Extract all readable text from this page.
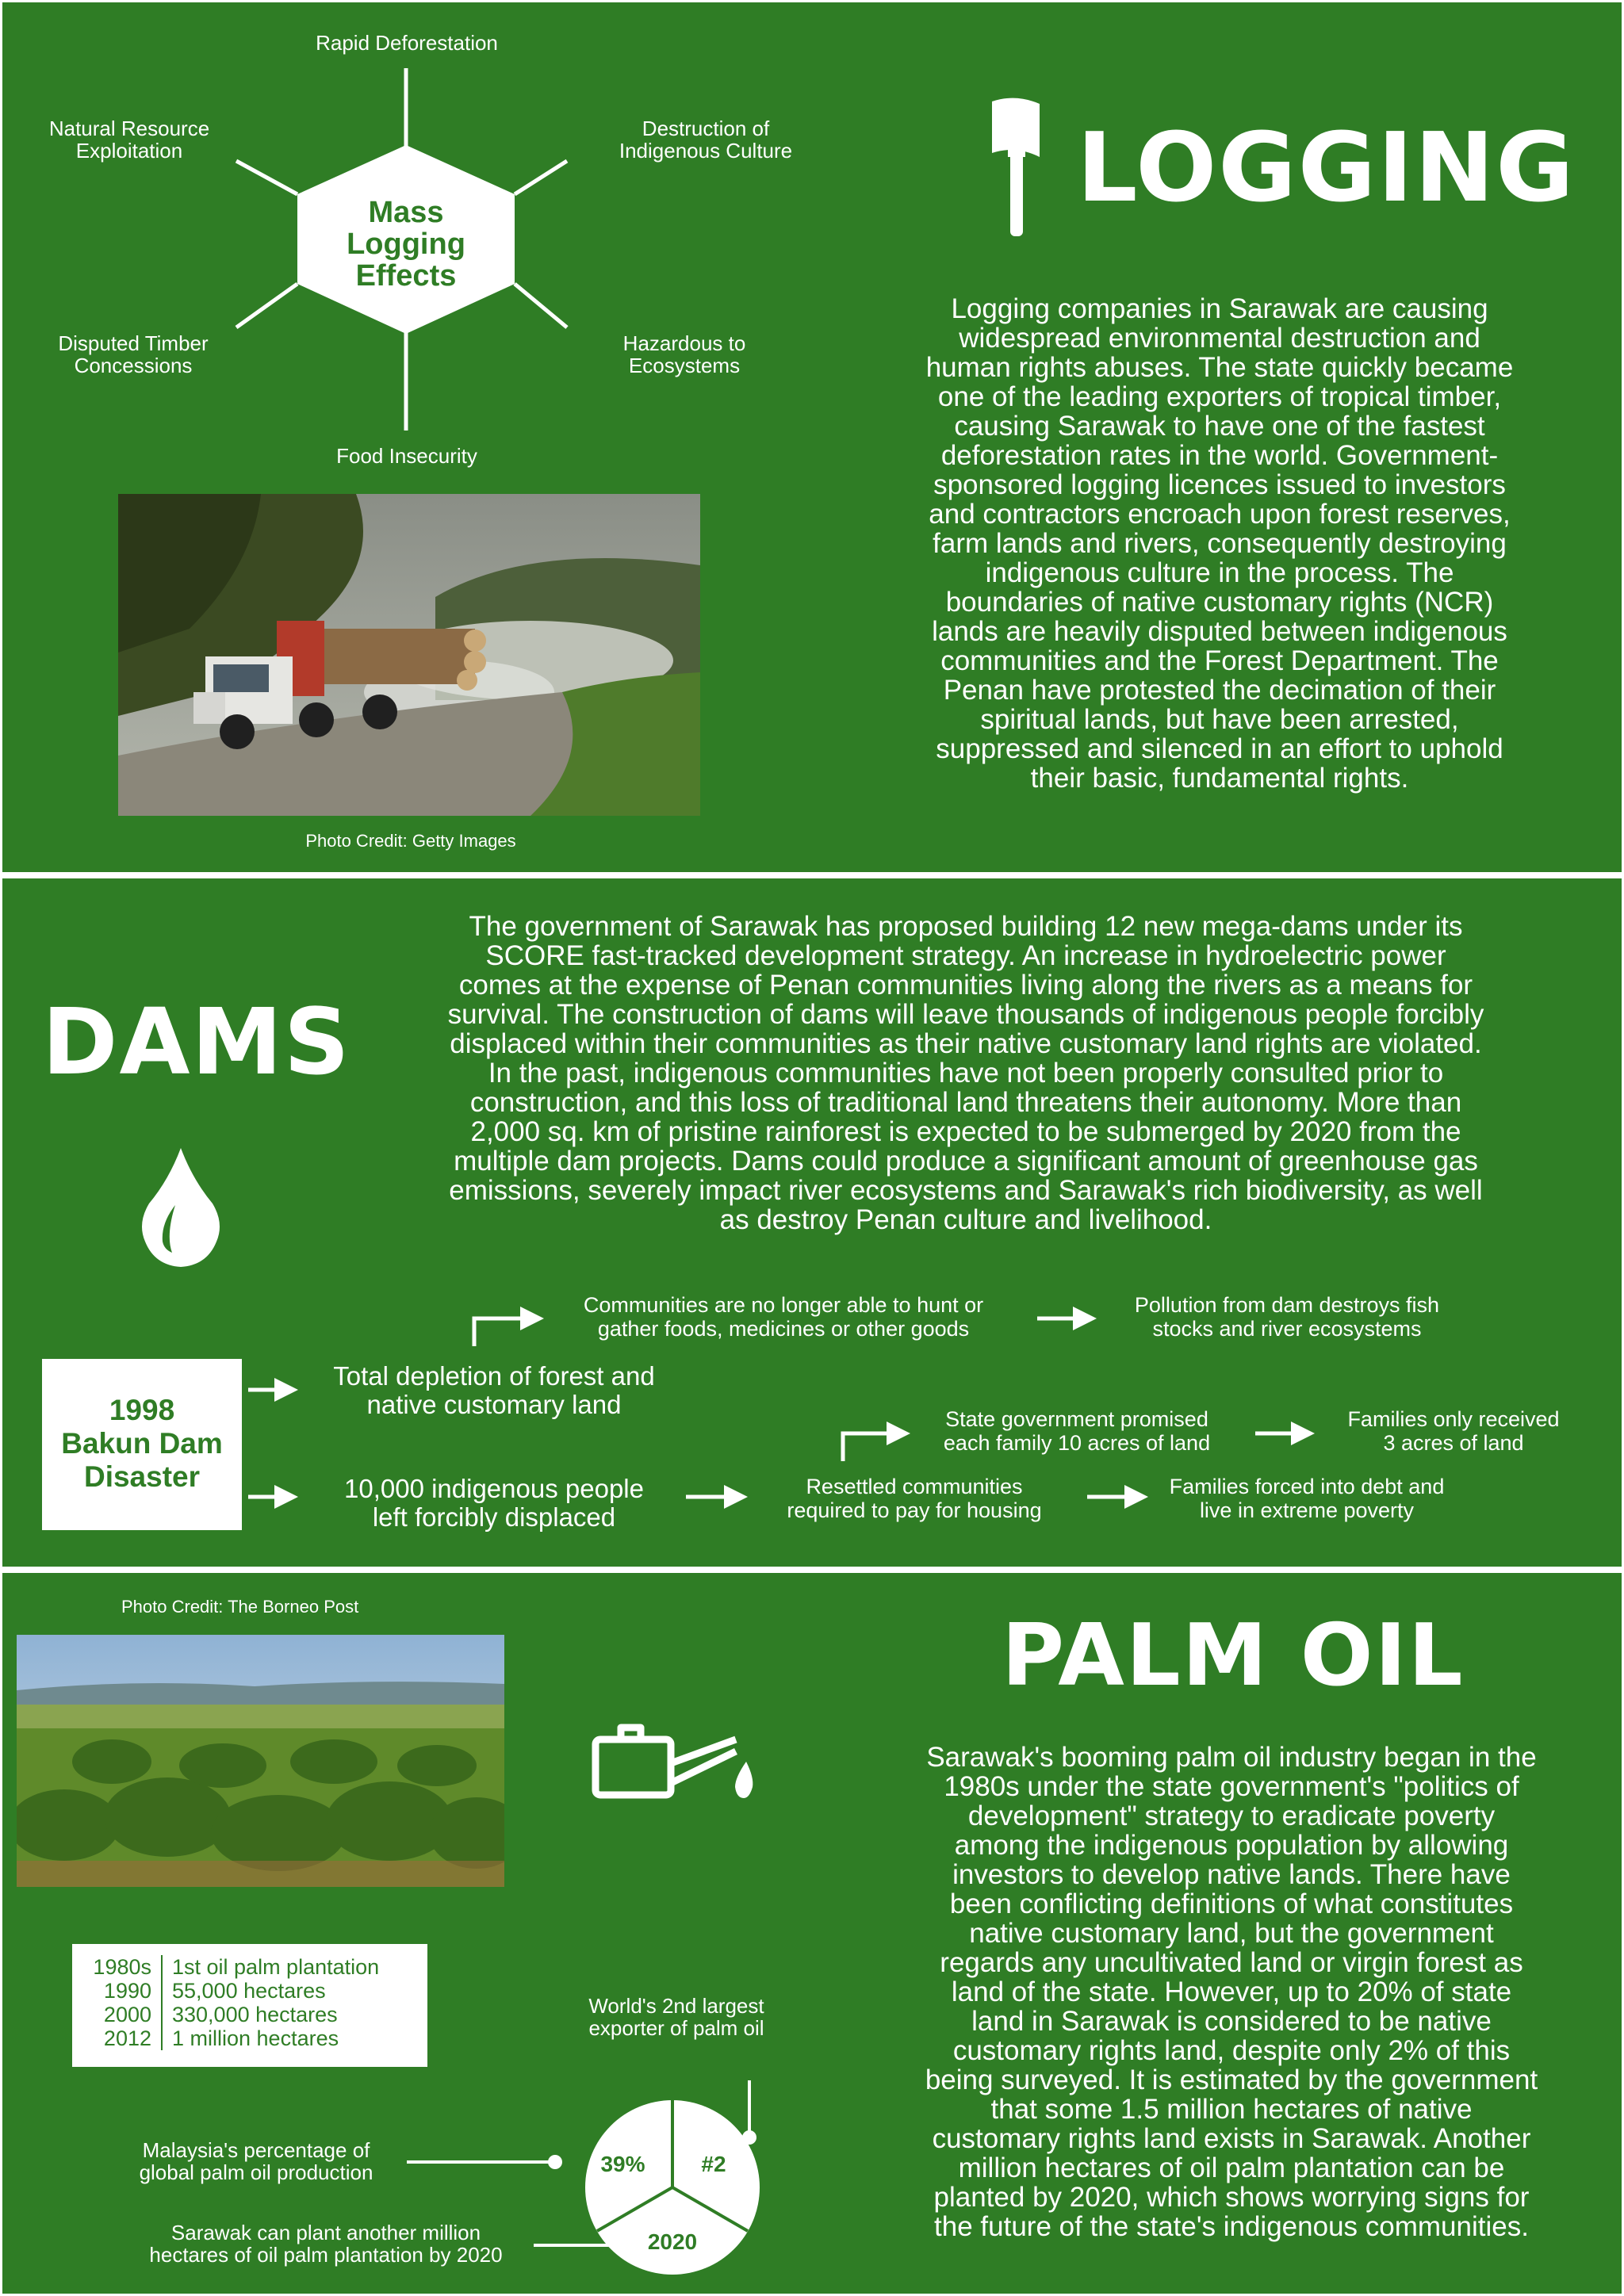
Mass
Logging
Effects
Rapid Deforestation
Natural Resource
Exploitation
Destruction of
Indigenous Culture
Disputed Timber
Concessions
Hazardous to
Ecosystems
Food Insecurity
Photo Credit: Getty Images
LOGGING
Logging companies in Sarawak are causing
widespread environmental destruction and
human rights abuses. The state quickly became
one of the leading exporters of tropical timber,
causing Sarawak to have one of the fastest
deforestation rates in the world. Government-
sponsored logging licences issued to investors
and contractors encroach upon forest reserves,
farm lands and rivers, consequently destroying
indigenous culture in the process. The
boundaries of native customary rights (NCR)
lands are heavily disputed between indigenous
communities and the Forest Department. The
Penan have protested the decimation of their
spiritual lands, but have been arrested,
suppressed and silenced in an effort to uphold
their basic, fundamental rights.
DAMS
The government of Sarawak has proposed building 12 new mega-dams under its
SCORE fast-tracked development strategy. An increase in hydroelectric power
comes at the expense of Penan communities living along the rivers as a means for
survival. The construction of dams will leave thousands of indigenous people forcibly
displaced within their communities as their native customary land rights are violated.
In the past, indigenous communities have not been properly consulted prior to
construction, and this loss of traditional land threatens their autonomy. More than
2,000 sq. km of pristine rainforest is expected to be submerged by 2020 from the
multiple dam projects. Dams could produce a significant amount of greenhouse gas
emissions, severely impact river ecosystems and Sarawak's rich biodiversity, as well
as destroy Penan culture and livelihood.
1998
Bakun Dam
Disaster
Total depletion of forest and
native customary land
10,000 indigenous people
left forcibly displaced
Communities are no longer able to hunt or
gather foods, medicines or other goods
Pollution from dam destroys fish
stocks and river ecosystems
State government promised
each family 10 acres of land
Families only received
3 acres of land
Resettled communities
required to pay for housing
Families forced into debt and
live in extreme poverty
Photo Credit: The Borneo Post
1980s 1st oil palm plantation
1990 55,000 hectares
2000 330,000 hectares
2012 1 million hectares
39%	#2
2020
World's 2nd largest
exporter of palm oil
Malaysia's percentage of
global palm oil production
Sarawak can plant another million
hectares of oil palm plantation by 2020
PALM OIL
Sarawak's booming palm oil industry began in the
1980s under the state government's "politics of
development" strategy to eradicate poverty
among the indigenous population by allowing
investors to develop native lands. There have
been conflicting definitions of what constitutes
native customary land, but the government
regards any uncultivated land or virgin forest as
land of the state. However, up to 20% of state
land in Sarawak is considered to be native
customary rights land, despite only 2% of this
being surveyed. It is estimated by the government
that some 1.5 million hectares of native
customary rights land exists in Sarawak. Another
million hectares of oil palm plantation can be
planted by 2020, which shows worrying signs for
the future of the state's indigenous communities.
